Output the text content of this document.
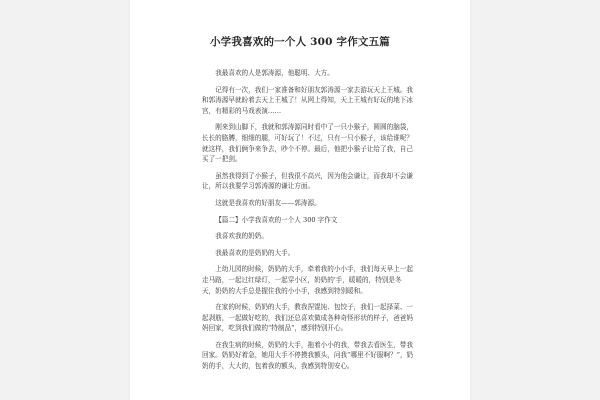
小学我喜欢的一个人 300 字作文五篇

我最喜欢的人是郭涛源，他聪明、大方。

记得有一次，我们一家准备和好朋友郭涛源一家去游玩天上王城。我和郭涛源早就盼着去天上王城了！从网上得知，天上王城有好玩的地下冰宫，有精彩的马戏表演……

刚来到山脚下，我就和郭涛源同时看中了一只小猴子，圆圆的脑袋，长长的胳膊，细细的腿，可好玩了！不过，只有一只小猴子，该给谁呢？就这样，我们俩争来争去，吵个不停。最后，他把小猴子让给了我，自己买了一把剑。

虽然我得到了小猴子，但我很不高兴，因为他会谦让，而我却不会谦让，所以我要学习郭涛源的谦让方面。

这就是我喜欢的好朋友——郭涛源。

【篇二】小学我喜欢的一个人 300 字作文

我喜欢我的奶奶。

我最喜欢的是奶奶的大手。

上幼儿园的时候，奶奶的大手，牵着我的小小手，我们每天早上一起走马路，一起过红绿灯，一起穿小区，奶奶的'手，暖暖的，特别是冬天，奶奶的大手总是握住我的小小手，我感到特别暖和。

在家的时候，奶奶的大手，教我捏馄饨、包饺子，我们一起择菜、一起剥筋，一起做好吃的，我们还总喜欢做成各种奇怪形状的样子，爸爸妈妈回家，吃到我们做的“特制品”，感到特别开心。

在我生病的时候，奶奶的大手，拖着小小的我，带我去看医生，带我回家。奶奶好着急，她用大手不停摸我额头，问我“哪里不好服啊？”，奶奶的手，大大的，包着我的额头，我感到特别安心。
